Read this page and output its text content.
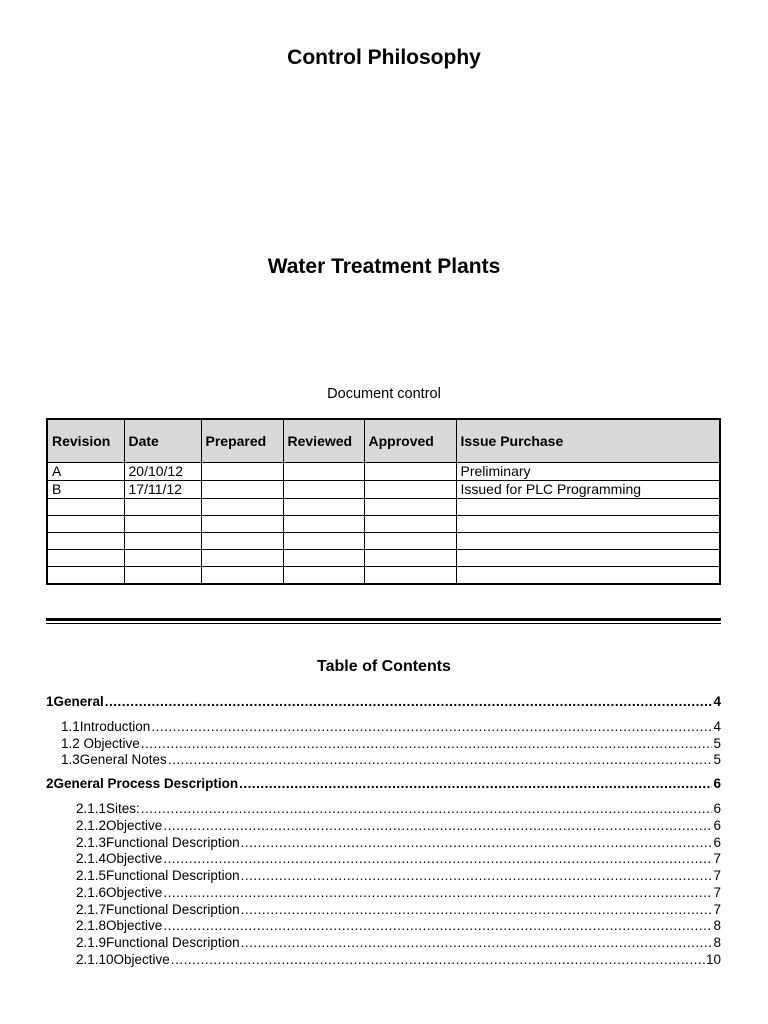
Control Philosophy
Water Treatment Plants
Document control
Revision	Date	Prepared	Reviewed	Approved	Issue Purchase
A	20/10/12				Preliminary
B	17/11/12				Issued for PLC Programming

Table of Contents
1General .....	4
1.1Introduction .....	4
1.2 Objective .....	5
1.3General Notes .....	5
2General Process Description .....	6
2.1.1Sites: .....	6
2.1.2Objective .....	6
2.1.3Functional Description .....	6
2.1.4Objective .....	7
2.1.5Functional Description .....	7
2.1.6Objective .....	7
2.1.7Functional Description .....	7
2.1.8Objective .....	8
2.1.9Functional Description .....	8
2.1.10Objective .....	10
